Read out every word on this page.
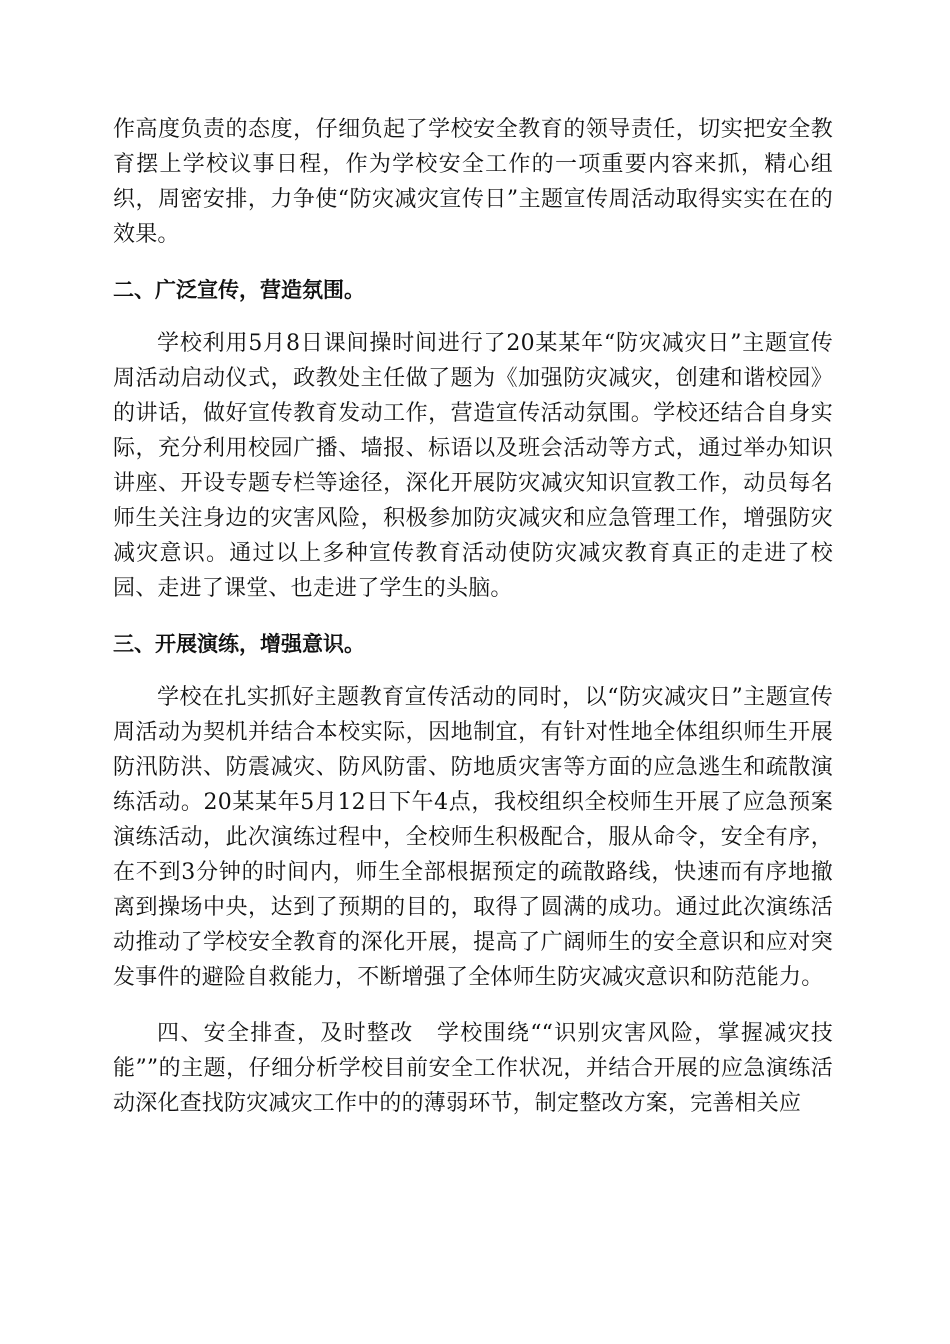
作高度负责的态度，仔细负起了学校安全教育的领导责任，切实把安全教育摆上学校议事日程，作为学校安全工作的一项重要内容来抓，精心组织，周密安排，力争使“防灾减灾宣传日”主题宣传周活动取得实实在在的效果。

二、广泛宣传，营造氛围。

学校利用5月8日课间操时间进行了20某某年“防灾减灾日”主题宣传周活动启动仪式，政教处主任做了题为《加强防灾减灾，创建和谐校园》的讲话，做好宣传教育发动工作，营造宣传活动氛围。学校还结合自身实际，充分利用校园广播、墙报、标语以及班会活动等方式，通过举办知识讲座、开设专题专栏等途径，深化开展防灾减灾知识宣教工作，动员每名师生关注身边的灾害风险，积极参加防灾减灾和应急管理工作，增强防灾减灾意识。通过以上多种宣传教育活动使防灾减灾教育真正的走进了校园、走进了课堂、也走进了学生的头脑。

三、开展演练，增强意识。

学校在扎实抓好主题教育宣传活动的同时，以“防灾减灾日”主题宣传周活动为契机并结合本校实际，因地制宜，有针对性地全体组织师生开展防汛防洪、防震减灾、防风防雷、防地质灾害等方面的应急逃生和疏散演练活动。20某某年5月12日下午4点，我校组织全校师生开展了应急预案演练活动，此次演练过程中，全校师生积极配合，服从命令，安全有序，在不到3分钟的时间内，师生全部根据预定的疏散路线，快速而有序地撤离到操场中央，达到了预期的目的，取得了圆满的成功。通过此次演练活动推动了学校安全教育的深化开展，提高了广阔师生的安全意识和应对突发事件的避险自救能力，不断增强了全体师生防灾减灾意识和防范能力。

四、安全排查，及时整改　学校围绕““识别灾害风险，掌握减灾技能””的主题，仔细分析学校目前安全工作状况，并结合开展的应急演练活动深化查找防灾减灾工作中的的薄弱环节，制定整改方案，完善相关应
